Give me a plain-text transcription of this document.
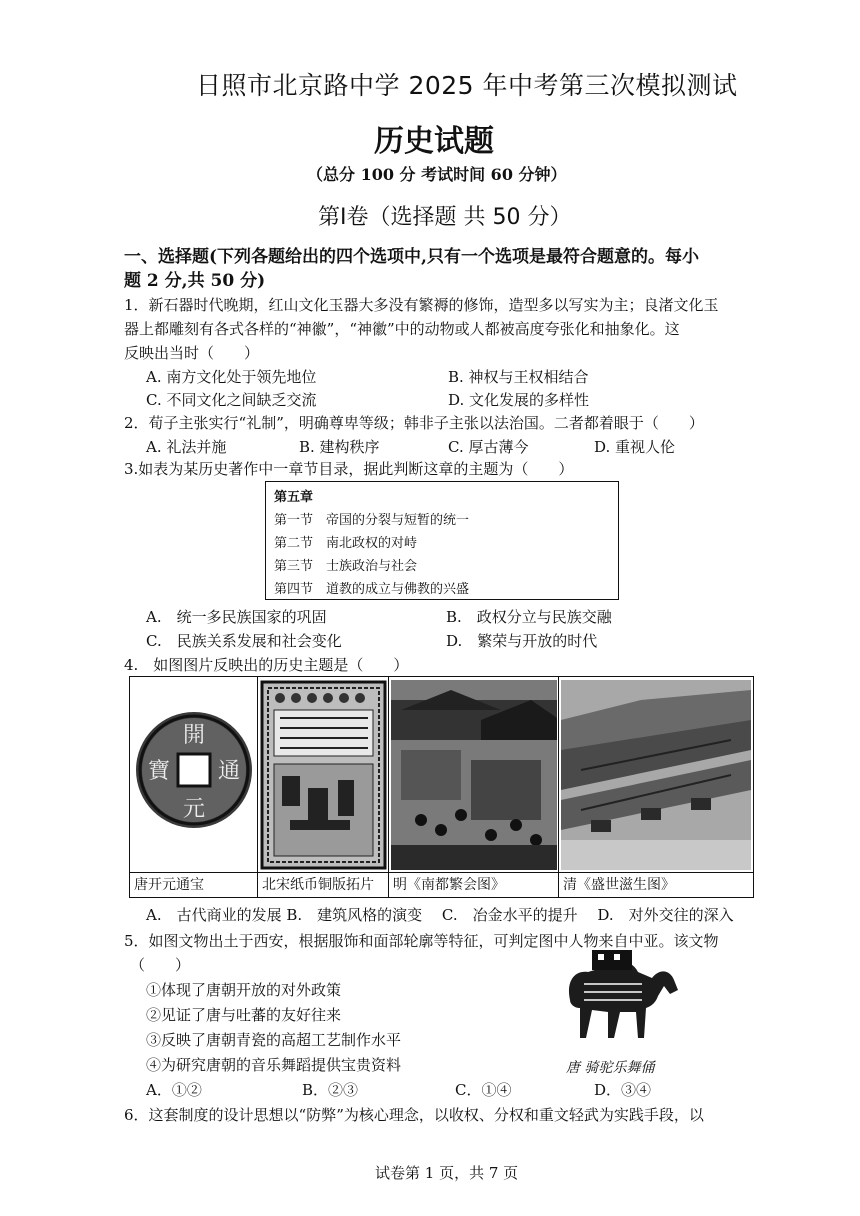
日照市北京路中学 2025 年中考第三次模拟测试
历史试题
（总分 100 分 考试时间 60 分钟）
第Ⅰ卷（选择题 共 50 分）
一、选择题(下列各题给出的四个选项中,只有一个选项是最符合题意的。每小
题 2 分,共 50 分)
1．新石器时代晚期，红山文化玉器大多没有繁褥的修饰，造型多以写实为主；良渚文化玉
器上都雕刻有各式各样的“神徽”，“神徽”中的动物或人都被高度夸张化和抽象化。这
反映出当时（　　）
A. 南方文化处于领先地位	B. 神权与王权相结合
C. 不同文化之间缺乏交流	D. 文化发展的多样性
2．荀子主张实行“礼制”，明确尊卑等级；韩非子主张以法治国。二者都着眼于（　　）
A. 礼法并施	B. 建构秩序	C. 厚古薄今	D. 重视人伦
3.如表为某历史著作中一章节目录，据此判断这章的主题为（　　）
第五章
第一节　帝国的分裂与短暂的统一
第二节　南北政权的对峙
第三节　士族政治与社会
第四节　道教的成立与佛教的兴盛
A.　统一多民族国家的巩固	B.　政权分立与民族交融
C.　民族关系发展和社会变化	D.　繁荣与开放的时代
4.　如图图片反映出的历史主题是（　　）
開
通
元
寶
唐开元通宝	北宋纸币铜版拓片 明《南都繁会图》	清《盛世滋生图》
A.　古代商业的发展 B.　建筑风格的演变　 C.　冶金水平的提升　 D.　对外交往的深入
5．如图文物出土于西安，根据服饰和面部轮廓等特征，可判定图中人物来自中亚。该文物
（　　）
①体现了唐朝开放的对外政策
②见证了唐与吐蕃的友好往来
③反映了唐朝青瓷的高超工艺制作水平
④为研究唐朝的音乐舞蹈提供宝贵资料	唐 骑驼乐舞俑
A．①②	B．②③	C．①④	D．③④
6．这套制度的设计思想以“防弊”为核心理念，以收权、分权和重文轻武为实践手段，以
试卷第 1 页，共 7 页
